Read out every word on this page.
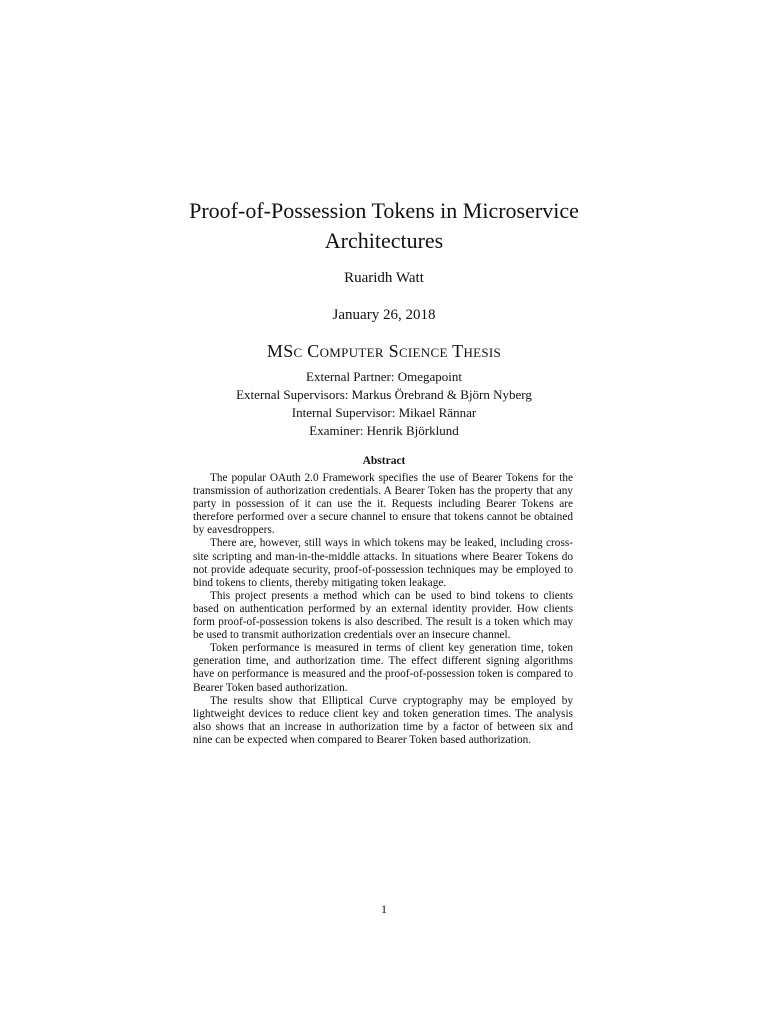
Proof-of-Possession Tokens in Microservice Architectures
Ruaridh Watt
January 26, 2018
MSc Computer Science Thesis
External Partner: Omegapoint
External Supervisors: Markus Örebrand & Björn Nyberg
Internal Supervisor: Mikael Rännar
Examiner: Henrik Björklund
Abstract

The popular OAuth 2.0 Framework specifies the use of Bearer Tokens for the transmission of authorization credentials. A Bearer Token has the property that any party in possession of it can use the it. Requests including Bearer Tokens are therefore performed over a secure channel to ensure that tokens cannot be obtained by eavesdroppers.

There are, however, still ways in which tokens may be leaked, including cross-site scripting and man-in-the-middle attacks. In situations where Bearer Tokens do not provide adequate security, proof-of-possession techniques may be employed to bind tokens to clients, thereby mitigating token leakage.

This project presents a method which can be used to bind tokens to clients based on authentication performed by an external identity provider. How clients form proof-of-possession tokens is also described. The result is a token which may be used to transmit authorization credentials over an insecure channel.

Token performance is measured in terms of client key generation time, token generation time, and authorization time. The effect different signing algorithms have on performance is measured and the proof-of-possession token is compared to Bearer Token based authorization.

The results show that Elliptical Curve cryptography may be employed by lightweight devices to reduce client key and token generation times. The analysis also shows that an increase in authorization time by a factor of between six and nine can be expected when compared to Bearer Token based authorization.

1
